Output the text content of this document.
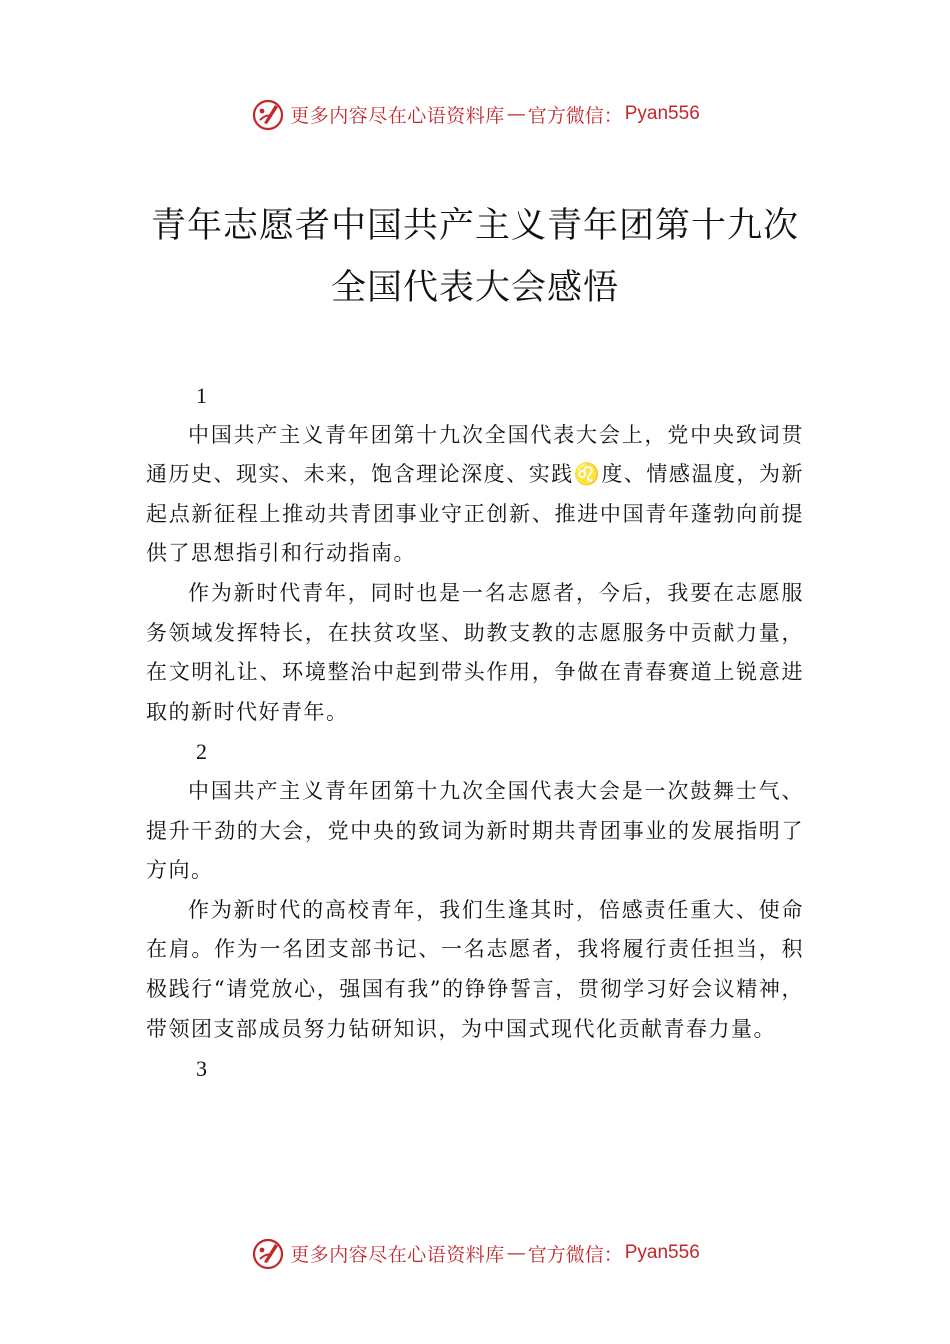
更多内容尽在心语资料库 — 官方微信： Pyan556
青年志愿者中国共产主义青年团第十九次
全国代表大会感悟

1

中国共产主义青年团第十九次全国代表大会上，党中央致词贯通历史、现实、未来，饱含理论深度、实践♌度、情感温度，为新起点新征程上推动共青团事业守正创新、推进中国青年蓬勃向前提供了思想指引和行动指南。

作为新时代青年，同时也是一名志愿者，今后，我要在志愿服务领域发挥特长，在扶贫攻坚、助教支教的志愿服务中贡献力量，在文明礼让、环境整治中起到带头作用，争做在青春赛道上锐意进取的新时代好青年。

2

中国共产主义青年团第十九次全国代表大会是一次鼓舞士气、提升干劲的大会，党中央的致词为新时期共青团事业的发展指明了方向。

作为新时代的高校青年，我们生逢其时，倍感责任重大、使命在肩。作为一名团支部书记、一名志愿者，我将履行责任担当，积极践行“请党放心，强国有我”的铮铮誓言，贯彻学习好会议精神，带领团支部成员努力钻研知识，为中国式现代化贡献青春力量。

3

更多内容尽在心语资料库 — 官方微信： Pyan556
